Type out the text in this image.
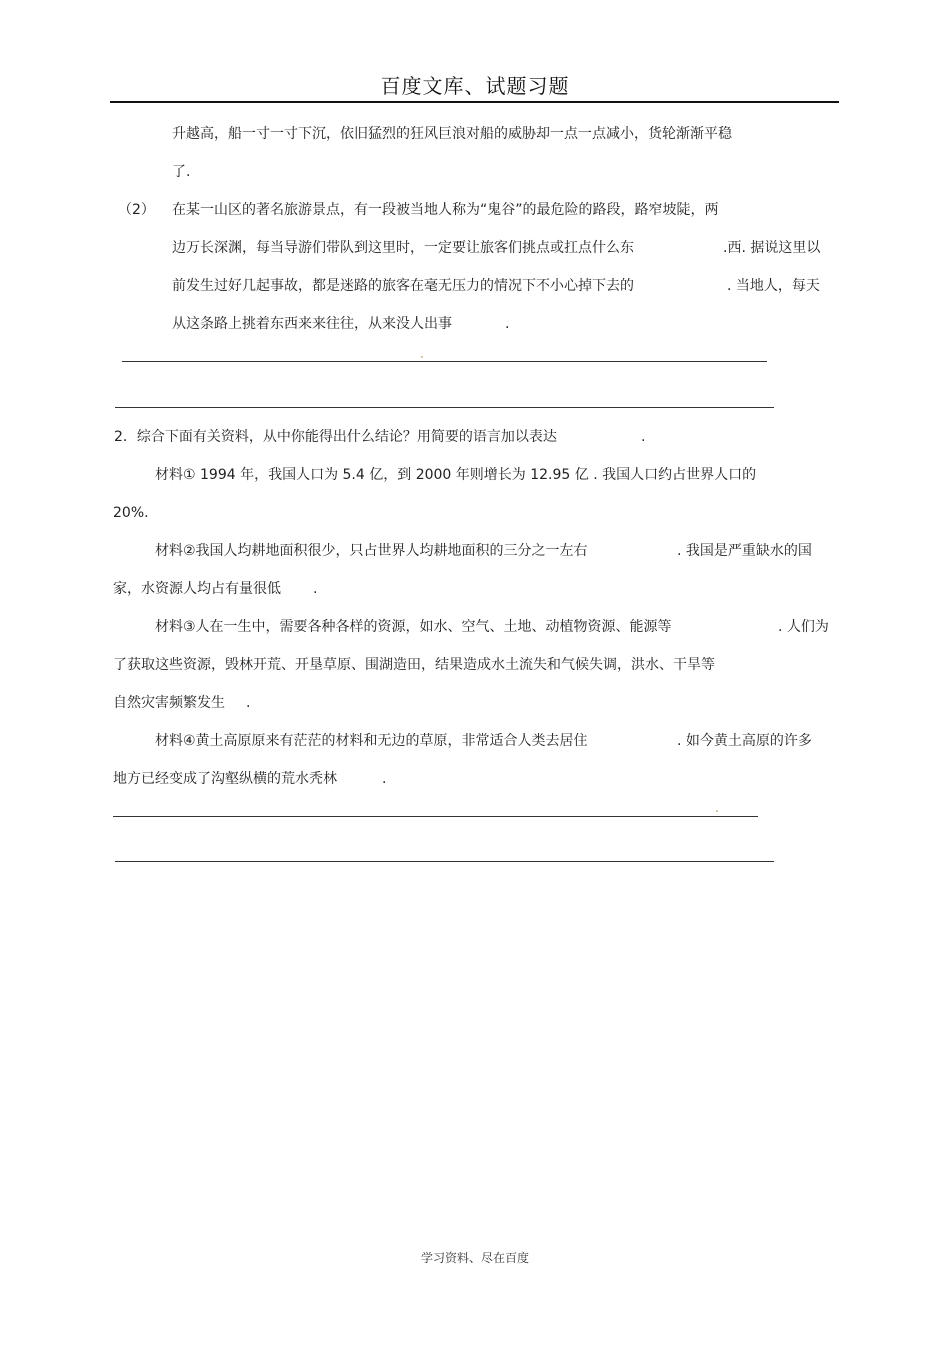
百度文库、试题习题
升越高，船一寸一寸下沉，依旧猛烈的狂风巨浪对船的威胁却一点一点减小，货轮渐渐平稳
了.
（2） 在某一山区的著名旅游景点，有一段被当地人称为“鬼谷”的最危险的路段，路窄坡陡，两
边万长深渊，每当导游们带队到这里时，一定要让旅客们挑点或扛点什么东	.西. 据说这里以
前发生过好几起事故，都是迷路的旅客在毫无压力的情况下不小心掉下去的	. 当地人，每天
从这条路上挑着东西来来往往，从来没人出事	.
2．综合下面有关资料，从中你能得出什么结论？用简要的语言加以表达	.
材料① 1994 年，我国人口为 5.4 亿，到 2000 年则增长为 12.95 亿 . 我国人口约占世界人口的
20%.
材料②我国人均耕地面积很少，只占世界人均耕地面积的三分之一左右	. 我国是严重缺水的国
家，水资源人均占有量很低 .
材料③人在一生中，需要各种各样的资源，如水、空气、土地、动植物资源、能源等	. 人们为
了获取这些资源，毁林开荒、开垦草原、围湖造田，结果造成水土流失和气候失调，洪水、干旱等
自然灾害频繁发生 .
材料④黄土高原原来有茫茫的材料和无边的草原，非常适合人类去居住	. 如今黄土高原的许多
地方已经变成了沟壑纵横的荒水秃林	.
学习资料、尽在百度
